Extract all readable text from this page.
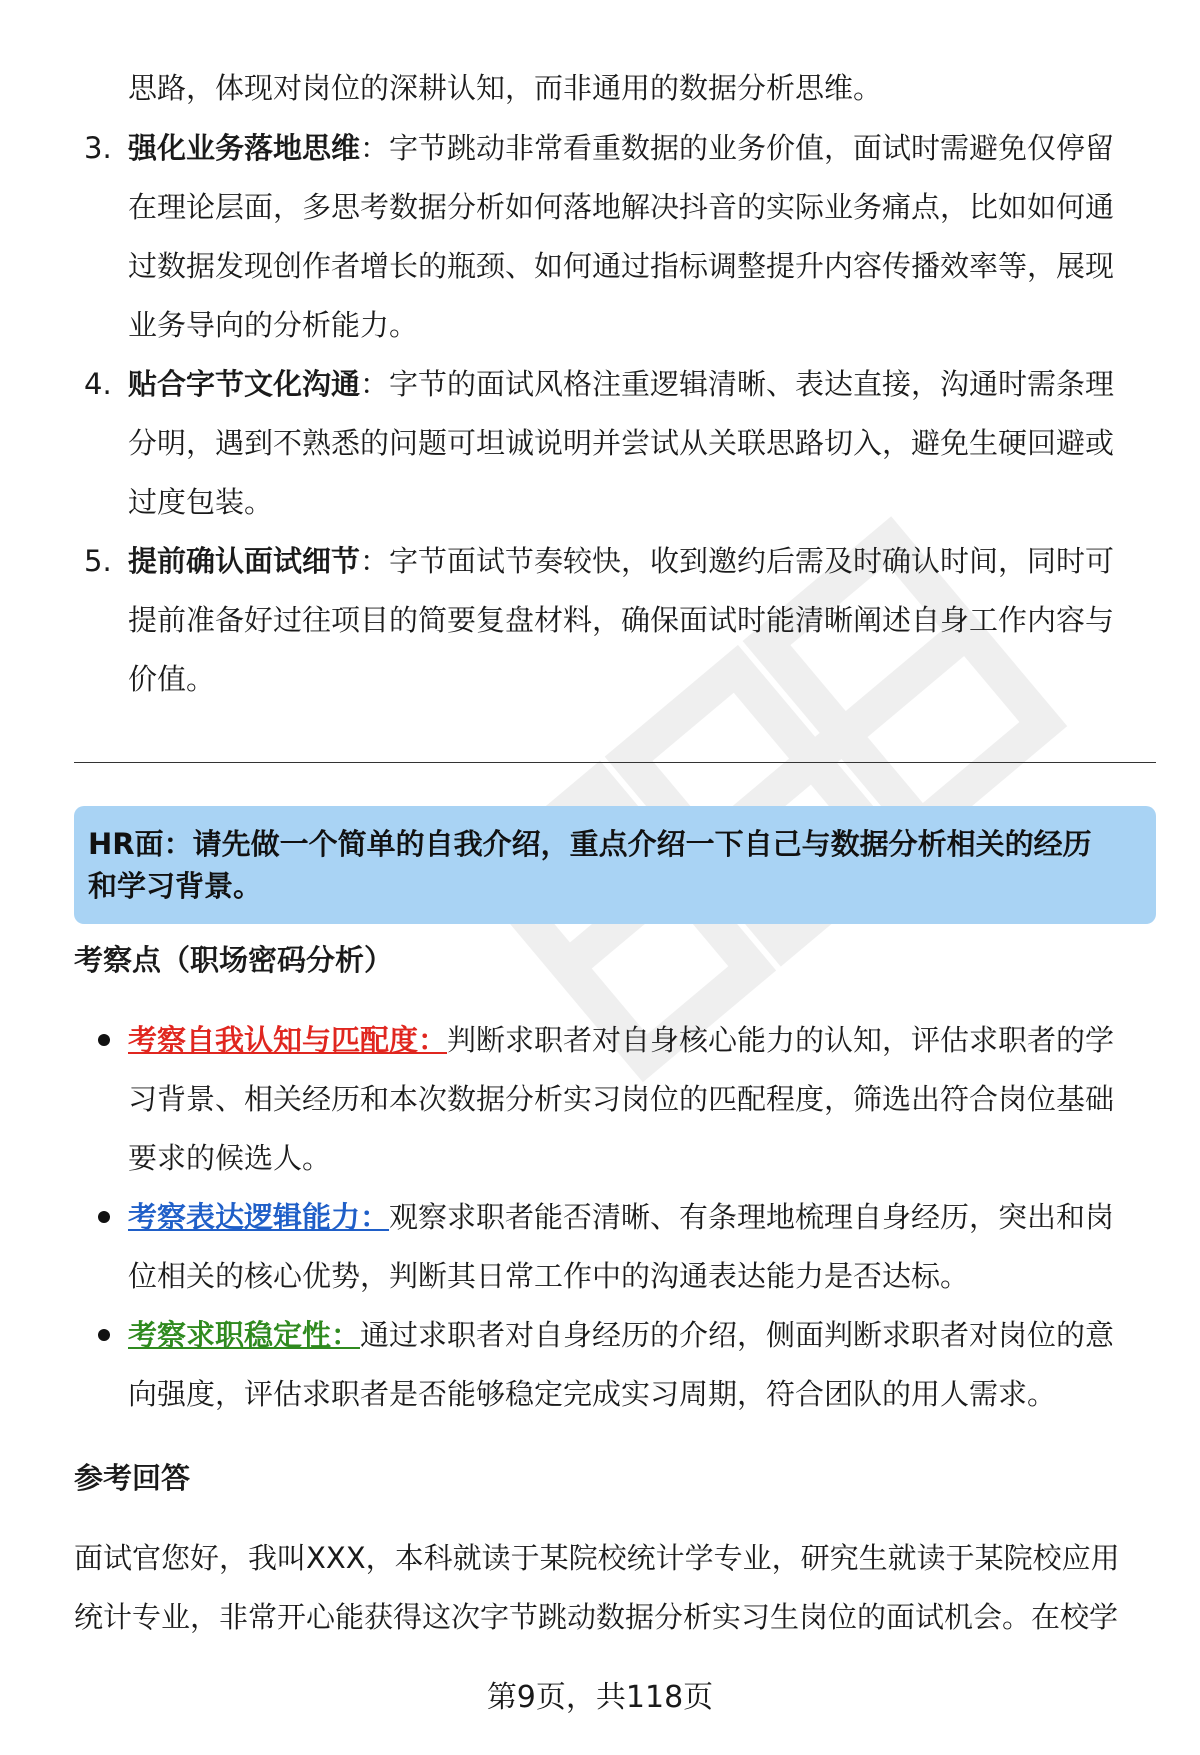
思路，体现对岗位的深耕认知，而非通用的数据分析思维。
3. 强化业务落地思维：字节跳动非常看重数据的业务价值，面试时需避免仅停留
在理论层面，多思考数据分析如何落地解决抖音的实际业务痛点，比如如何通
过数据发现创作者增长的瓶颈、如何通过指标调整提升内容传播效率等，展现
业务导向的分析能力。
4. 贴合字节文化沟通：字节的面试风格注重逻辑清晰、表达直接，沟通时需条理
分明，遇到不熟悉的问题可坦诚说明并尝试从关联思路切入，避免生硬回避或
过度包装。
5. 提前确认面试细节：字节面试节奏较快，收到邀约后需及时确认时间，同时可
提前准备好过往项目的简要复盘材料，确保面试时能清晰阐述自身工作内容与
价值。
HR面：请先做一个简单的自我介绍，重点介绍一下自己与数据分析相关的经历
和学习背景。
考察点（职场密码分析）
考察自我认知与匹配度：判断求职者对自身核心能力的认知，评估求职者的学
习背景、相关经历和本次数据分析实习岗位的匹配程度，筛选出符合岗位基础
要求的候选人。
考察表达逻辑能力：观察求职者能否清晰、有条理地梳理自身经历，突出和岗
位相关的核心优势，判断其日常工作中的沟通表达能力是否达标。
考察求职稳定性：通过求职者对自身经历的介绍，侧面判断求职者对岗位的意
向强度，评估求职者是否能够稳定完成实习周期，符合团队的用人需求。
参考回答
面试官您好，我叫XXX，本科就读于某院校统计学专业，研究生就读于某院校应用
统计专业，非常开心能获得这次字节跳动数据分析实习生岗位的面试机会。在校学
第9页，共118页
